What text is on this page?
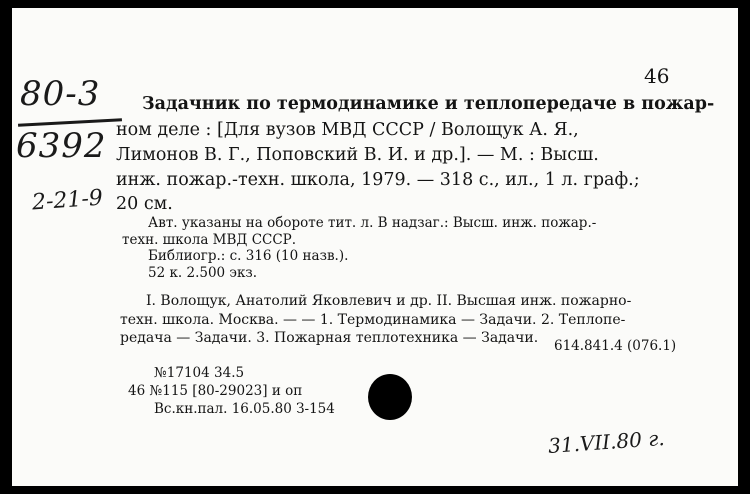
46
80-3
6392
2-21-9
Задачник по термодинамике и теплопередаче в пожар-
ном деле : [Для вузов МВД СССР / Волощук А. Я.,
Лимонов В. Г., Поповский В. И. и др.]. — М. : Высш.
инж. пожар.-техн. школа, 1979. — 318 с., ил., 1 л. граф.;
20 см.
Авт. указаны на обороте тит. л. В надзаг.: Высш. инж. пожар.-
техн. школа МВД СССР.
Библиогр.: с. 316 (10 назв.).
52 к. 2.500 экз.
I. Волощук, Анатолий Яковлевич и др. II. Высшая инж. пожарно-
техн. школа. Москва. — — 1. Термодинамика — Задачи. 2. Теплопе-
редача — Задачи. 3. Пожарная теплотехника — Задачи. 614.841.4 (076.1)
№17104 34.5
46 №115 [80-29023] и оп
Вс.кн.пал. 16.05.80 З-154
31.VII.80 г.
